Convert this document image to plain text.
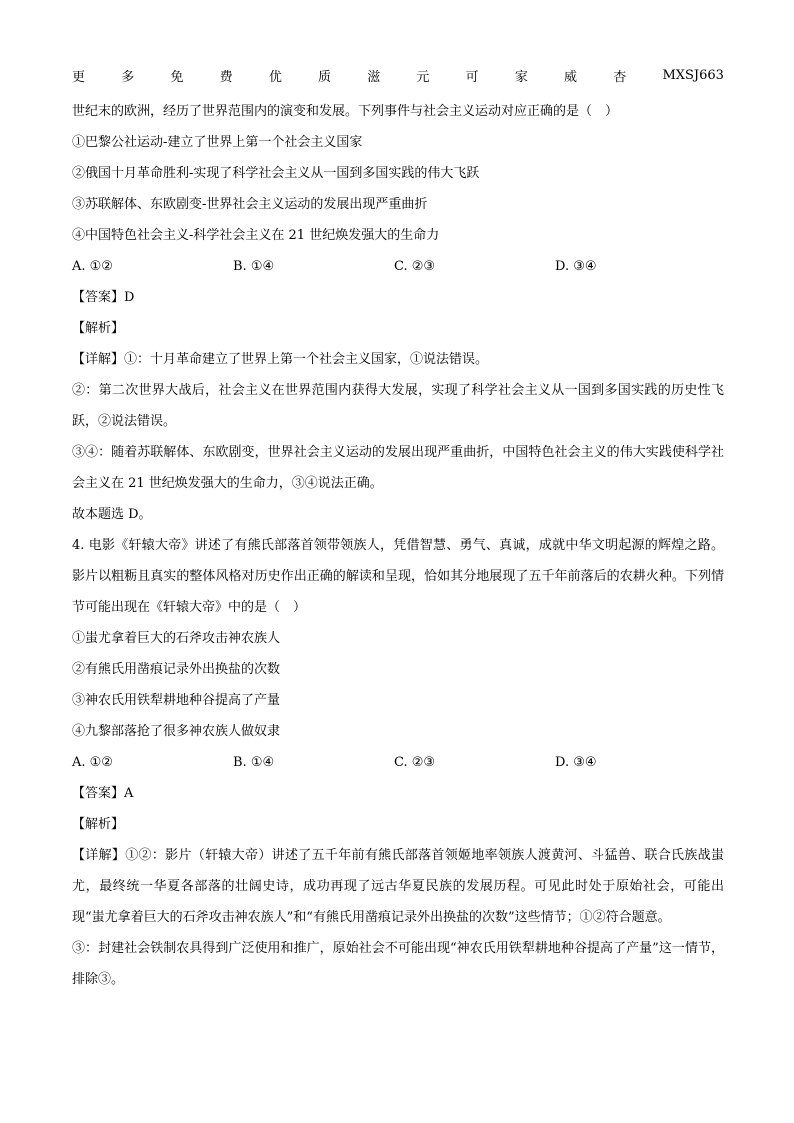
更	多	免	费	优	质	滋	元	可	家	威	杏	MXSJ663
世纪末的欧洲，经历了世界范围内的演变和发展。下列事件与社会主义运动对应正确的是（　）
①巴黎公社运动-建立了世界上第一个社会主义国家
②俄国十月革命胜利-实现了科学社会主义从一国到多国实践的伟大飞跃
③苏联解体、东欧剧变-世界社会主义运动的发展出现严重曲折
④中国特色社会主义-科学社会主义在 21 世纪焕发强大的生命力
A. ①②	B. ①④	C. ②③	D. ③④
【答案】D
【解析】
【详解】①：十月革命建立了世界上第一个社会主义国家，①说法错误。
②：第二次世界大战后，社会主义在世界范围内获得大发展，实现了科学社会主义从一国到多国实践的历史性飞跃，②说法错误。
③④：随着苏联解体、东欧剧变，世界社会主义运动的发展出现严重曲折，中国特色社会主义的伟大实践使科学社会主义在 21 世纪焕发强大的生命力，③④说法正确。
故本题选 D。
4. 电影《轩辕大帝》讲述了有熊氏部落首领带领族人，凭借智慧、勇气、真诚，成就中华文明起源的辉煌之路。影片以粗粝且真实的整体风格对历史作出正确的解读和呈现，恰如其分地展现了五千年前落后的农耕火种。下列情节可能出现在《轩辕大帝》中的是（　）
①蚩尤拿着巨大的石斧攻击神农族人
②有熊氏用凿痕记录外出换盐的次数
③神农氏用铁犁耕地种谷提高了产量
④九黎部落抢了很多神农族人做奴隶
A. ①②	B. ①④	C. ②③	D. ③④
【答案】A
【解析】
【详解】①②：影片（轩辕大帝）讲述了五千年前有熊氏部落首领姬地率领族人渡黄河、斗猛兽、联合氏族战蚩尤，最终统一华夏各部落的壮阔史诗，成功再现了远古华夏民族的发展历程。可见此时处于原始社会，可能出现“蚩尤拿着巨大的石斧攻击神农族人”和“有熊氏用凿痕记录外出换盐的次数”这些情节；①②符合题意。
③：封建社会铁制农具得到广泛使用和推广，原始社会不可能出现“神农氏用铁犁耕地种谷提高了产量”这一情节，排除③。
